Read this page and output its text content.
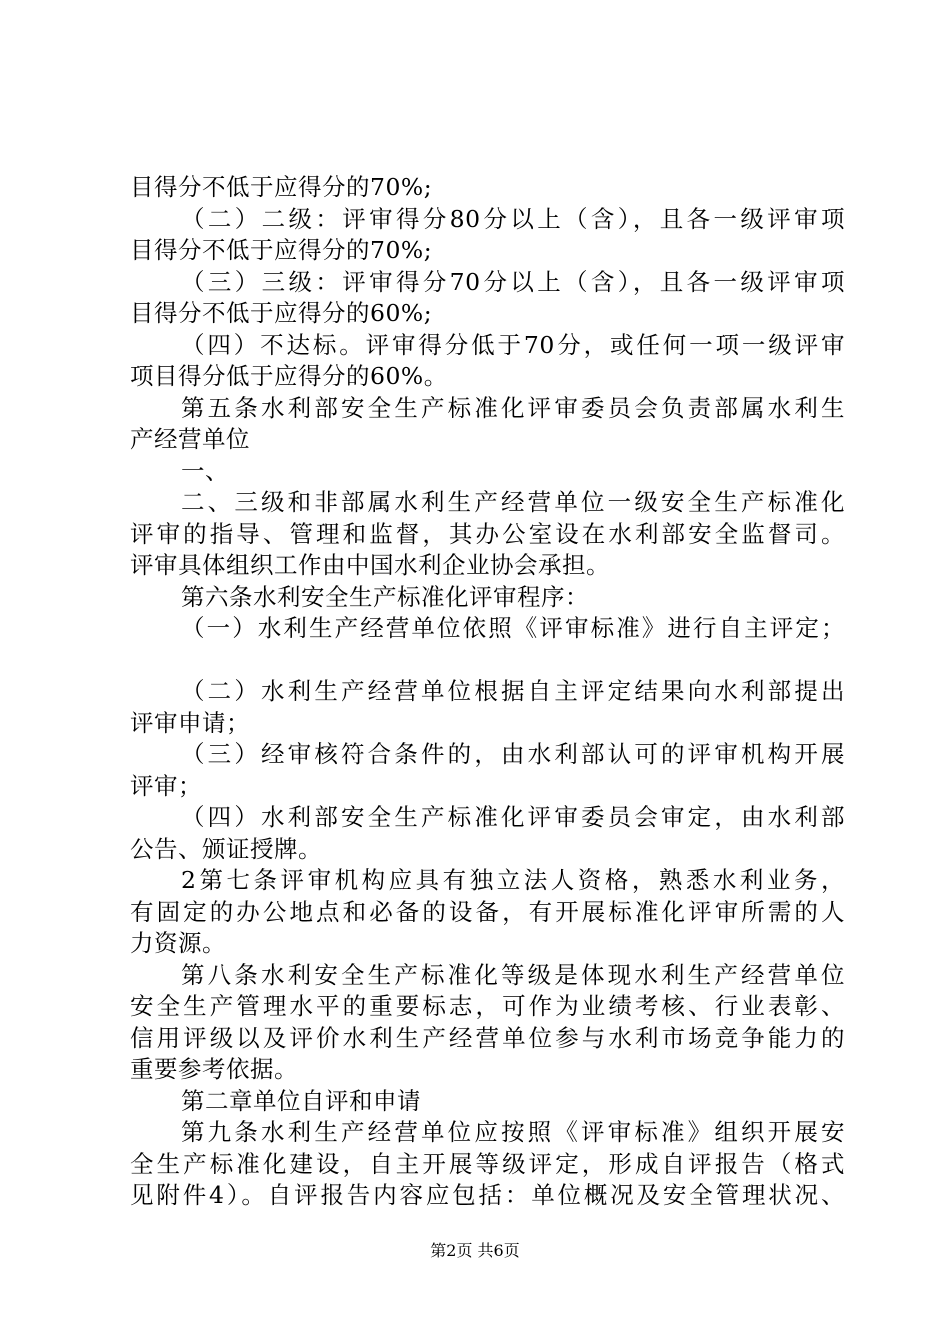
目得分不低于应得分的70%;
（二）二级：评审得分80分以上（含），且各一级评审项
目得分不低于应得分的70%;
（三）三级：评审得分70分以上（含），且各一级评审项
目得分不低于应得分的60%;
（四）不达标。评审得分低于70分，或任何一项一级评审
项目得分低于应得分的60%。
第五条水利部安全生产标准化评审委员会负责部属水利生
产经营单位
一、
二、三级和非部属水利生产经营单位一级安全生产标准化
评审的指导、管理和监督，其办公室设在水利部安全监督司。
评审具体组织工作由中国水利企业协会承担。
第六条水利安全生产标准化评审程序：
（一）水利生产经营单位依照《评审标准》进行自主评定；
（二）水利生产经营单位根据自主评定结果向水利部提出
评审申请；
（三）经审核符合条件的，由水利部认可的评审机构开展
评审；
（四）水利部安全生产标准化评审委员会审定，由水利部
公告、颁证授牌。
2第七条评审机构应具有独立法人资格，熟悉水利业务，
有固定的办公地点和必备的设备，有开展标准化评审所需的人
力资源。
第八条水利安全生产标准化等级是体现水利生产经营单位
安全生产管理水平的重要标志，可作为业绩考核、行业表彰、
信用评级以及评价水利生产经营单位参与水利市场竞争能力的
重要参考依据。
第二章单位自评和申请
第九条水利生产经营单位应按照《评审标准》组织开展安
全生产标准化建设，自主开展等级评定，形成自评报告（格式
见附件4）。自评报告内容应包括：单位概况及安全管理状况、
第2页 共6页
